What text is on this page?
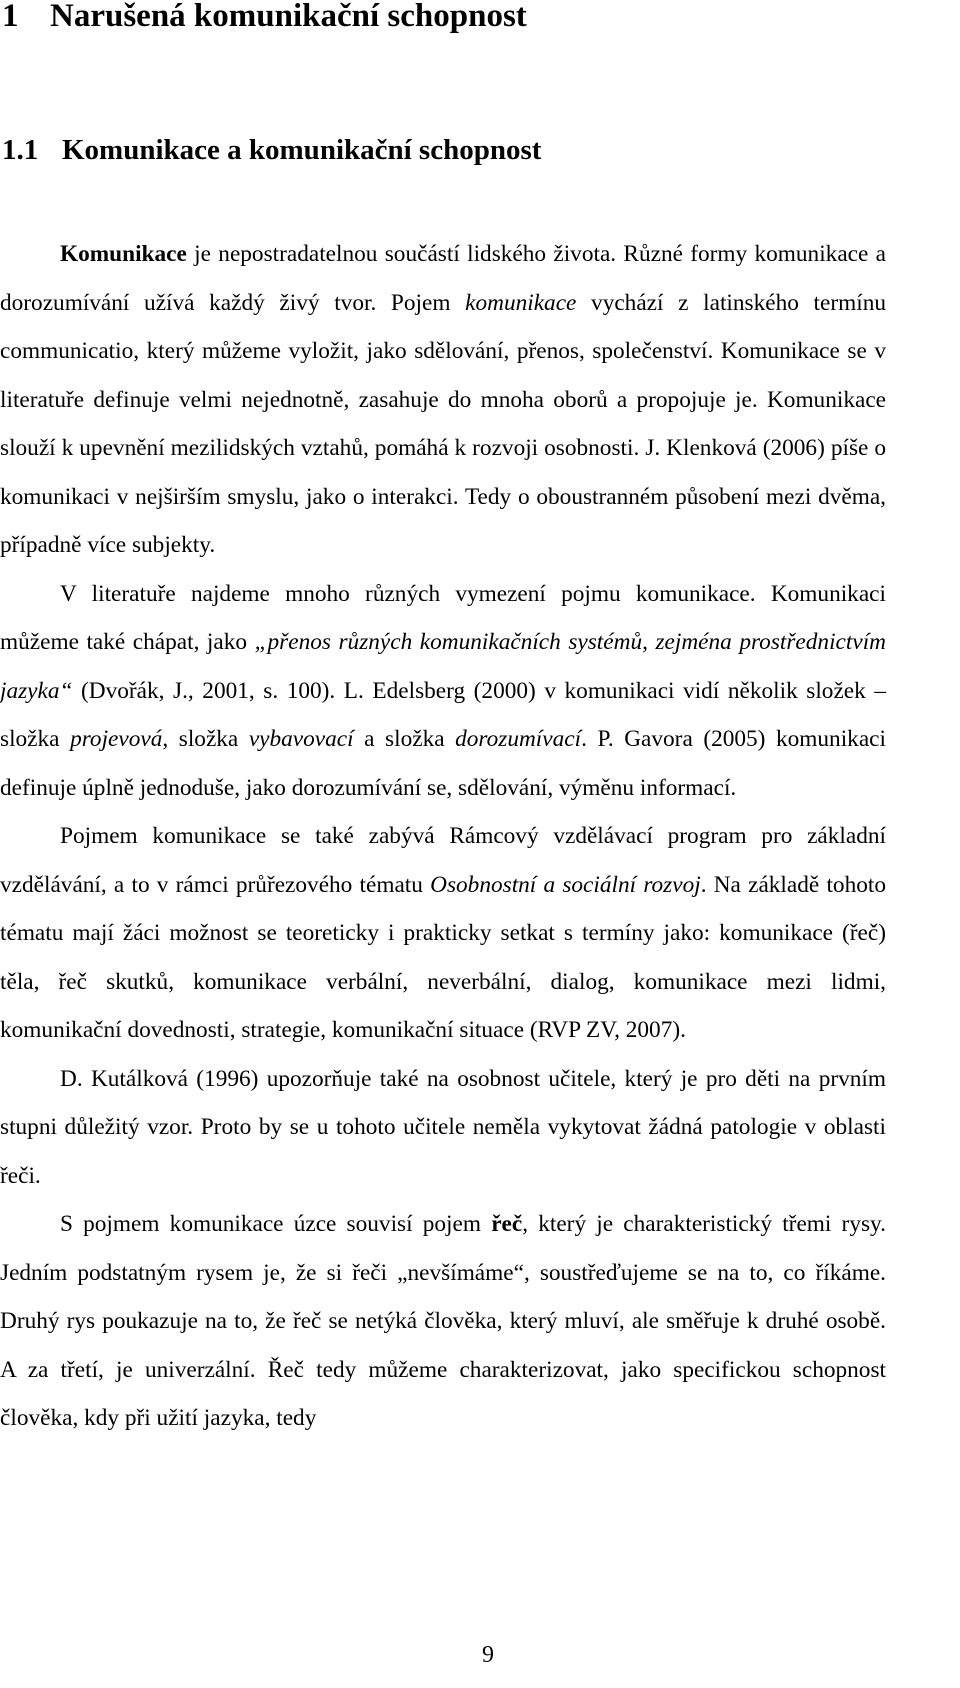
1 Narušená komunikační schopnost
1.1 Komunikace a komunikační schopnost

Komunikace je nepostradatelnou součástí lidského života. Různé formy komunikace a dorozumívání užívá každý živý tvor. Pojem komunikace vychází z latinského termínu communicatio, který můžeme vyložit, jako sdělování, přenos, společenství. Komunikace se v literatuře definuje velmi nejednotně, zasahuje do mnoha oborů a propojuje je. Komunikace slouží k upevnění mezilidských vztahů, pomáhá k rozvoji osobnosti. J. Klenková (2006) píše o komunikaci v nejširším smyslu, jako o interakci. Tedy o oboustranném působení mezi dvěma, případně více subjekty.

V literatuře najdeme mnoho různých vymezení pojmu komunikace. Komunikaci můžeme také chápat, jako „přenos různých komunikačních systémů, zejména prostřednictvím jazyka“ (Dvořák, J., 2001, s. 100). L. Edelsberg (2000) v komunikaci vidí několik složek – složka projevová, složka vybavovací a složka dorozumívací. P. Gavora (2005) komunikaci definuje úplně jednoduše, jako dorozumívání se, sdělování, výměnu informací.

Pojmem komunikace se také zabývá Rámcový vzdělávací program pro základní vzdělávání, a to v rámci průřezového tématu Osobnostní a sociální rozvoj. Na základě tohoto tématu mají žáci možnost se teoreticky i prakticky setkat s termíny jako: komunikace (řeč) těla, řeč skutků, komunikace verbální, neverbální, dialog, komunikace mezi lidmi, komunikační dovednosti, strategie, komunikační situace (RVP ZV, 2007).

D. Kutálková (1996) upozorňuje také na osobnost učitele, který je pro děti na prvním stupni důležitý vzor. Proto by se u tohoto učitele neměla vykytovat žádná patologie v oblasti řeči.

S pojmem komunikace úzce souvisí pojem řeč, který je charakteristický třemi rysy. Jedním podstatným rysem je, že si řeči „nevšímáme“, soustřeďujeme se na to, co říkáme. Druhý rys poukazuje na to, že řeč se netýká člověka, který mluví, ale směřuje k druhé osobě. A za třetí, je univerzální. Řeč tedy můžeme charakterizovat, jako specifickou schopnost člověka, kdy při užití jazyka, tedy

9
